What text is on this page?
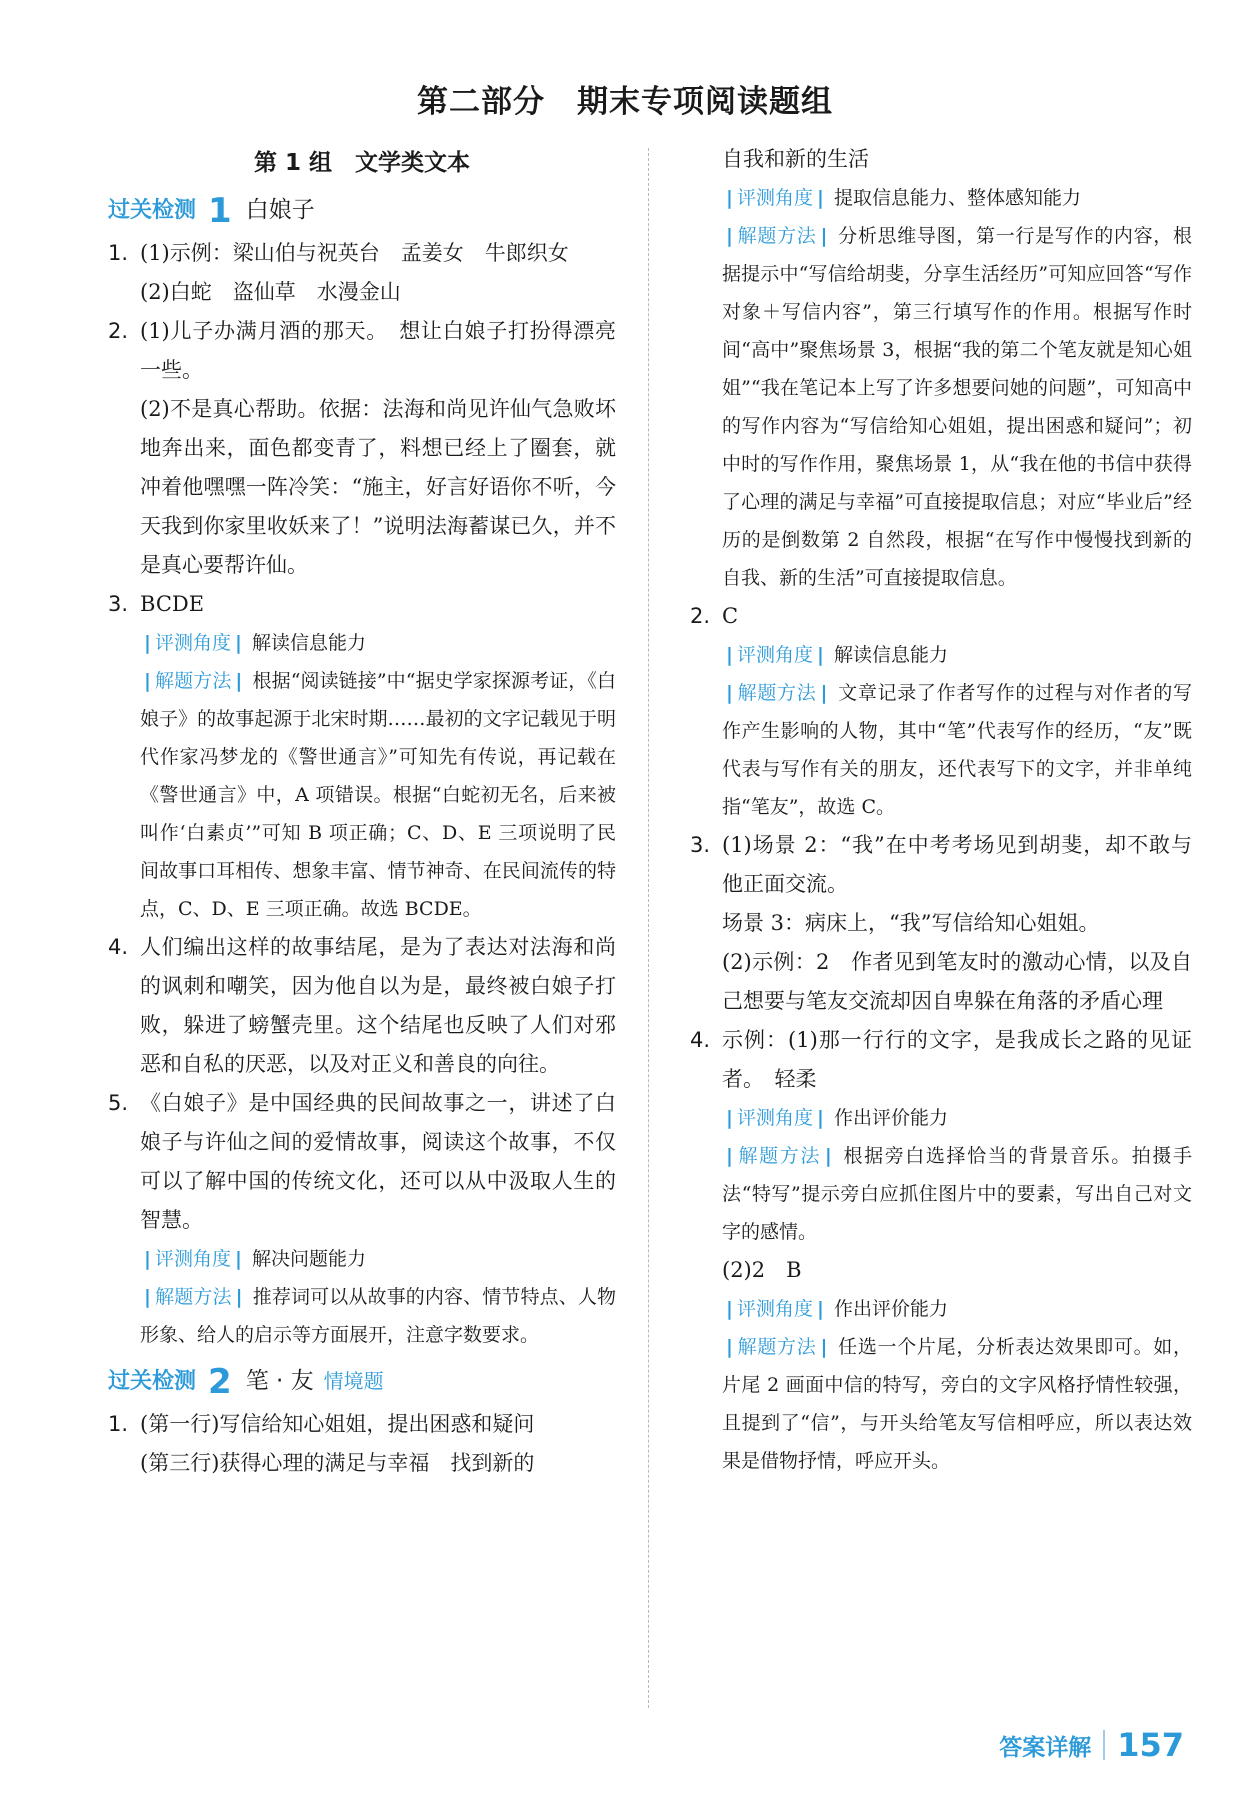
第二部分　期末专项阅读题组
第 1 组　文学类文本
过关检测 1 白娘子
1. (1)示例：梁山伯与祝英台　孟姜女　牛郎织女
(2)白蛇　盗仙草　水漫金山
2. (1)儿子办满月酒的那天。　想让白娘子打扮得漂亮一些。
(2)不是真心帮助。依据：法海和尚见许仙气急败坏地奔出来，面色都变青了，料想已经上了圈套，就冲着他嘿嘿一阵冷笑：“施主，好言好语你不听，今天我到你家里收妖来了！”说明法海蓄谋已久，并不是真心要帮许仙。
3. BCDE
| 评测角度 | 解读信息能力
| 解题方法 | 根据“阅读链接”中“据史学家探源考证，《白娘子》的故事起源于北宋时期……最初的文字记载见于明代作家冯梦龙的《警世通言》”可知先有传说，再记载在《警世通言》中，A 项错误。根据“白蛇初无名，后来被叫作‘白素贞’”可知 B 项正确；C、D、E 三项说明了民间故事口耳相传、想象丰富、情节神奇、在民间流传的特点，C、D、E 三项正确。故选 BCDE。
4. 人们编出这样的故事结尾，是为了表达对法海和尚的讽刺和嘲笑，因为他自以为是，最终被白娘子打败，躲进了螃蟹壳里。这个结尾也反映了人们对邪恶和自私的厌恶，以及对正义和善良的向往。
5. 《白娘子》是中国经典的民间故事之一，讲述了白娘子与许仙之间的爱情故事，阅读这个故事，不仅可以了解中国的传统文化，还可以从中汲取人生的智慧。
| 评测角度 | 解决问题能力
| 解题方法 | 推荐词可以从故事的内容、情节特点、人物形象、给人的启示等方面展开，注意字数要求。
过关检测 2 笔 · 友 情境题
1. (第一行)写信给知心姐姐，提出困惑和疑问
(第三行)获得心理的满足与幸福　找到新的
自我和新的生活
| 评测角度 | 提取信息能力、整体感知能力
| 解题方法 | 分析思维导图，第一行是写作的内容，根据提示中“写信给胡斐，分享生活经历”可知应回答“写作对象＋写信内容”，第三行填写作的作用。根据写作时间“高中”聚焦场景 3，根据“我的第二个笔友就是知心姐姐”“我在笔记本上写了许多想要问她的问题”，可知高中的写作内容为“写信给知心姐姐，提出困惑和疑问”；初中时的写作作用，聚焦场景 1，从“我在他的书信中获得了心理的满足与幸福”可直接提取信息；对应“毕业后”经历的是倒数第 2 自然段，根据“在写作中慢慢找到新的自我、新的生活”可直接提取信息。
2. C
| 评测角度 | 解读信息能力
| 解题方法 | 文章记录了作者写作的过程与对作者的写作产生影响的人物，其中“笔”代表写作的经历，“友”既代表与写作有关的朋友，还代表写下的文字，并非单纯指“笔友”，故选 C。
3. (1)场景 2：“我”在中考考场见到胡斐，却不敢与他正面交流。
场景 3：病床上，“我”写信给知心姐姐。
(2)示例：2　作者见到笔友时的激动心情，以及自己想要与笔友交流却因自卑躲在角落的矛盾心理
4. 示例：(1)那一行行的文字，是我成长之路的见证者。　轻柔
| 评测角度 | 作出评价能力
| 解题方法 | 根据旁白选择恰当的背景音乐。拍摄手法“特写”提示旁白应抓住图片中的要素，写出自己对文字的感情。
(2)2　B
| 评测角度 | 作出评价能力
| 解题方法 | 任选一个片尾，分析表达效果即可。如，片尾 2 画面中信的特写，旁白的文字风格抒情性较强，且提到了“信”，与开头给笔友写信相呼应，所以表达效果是借物抒情，呼应开头。
答案详解 157
